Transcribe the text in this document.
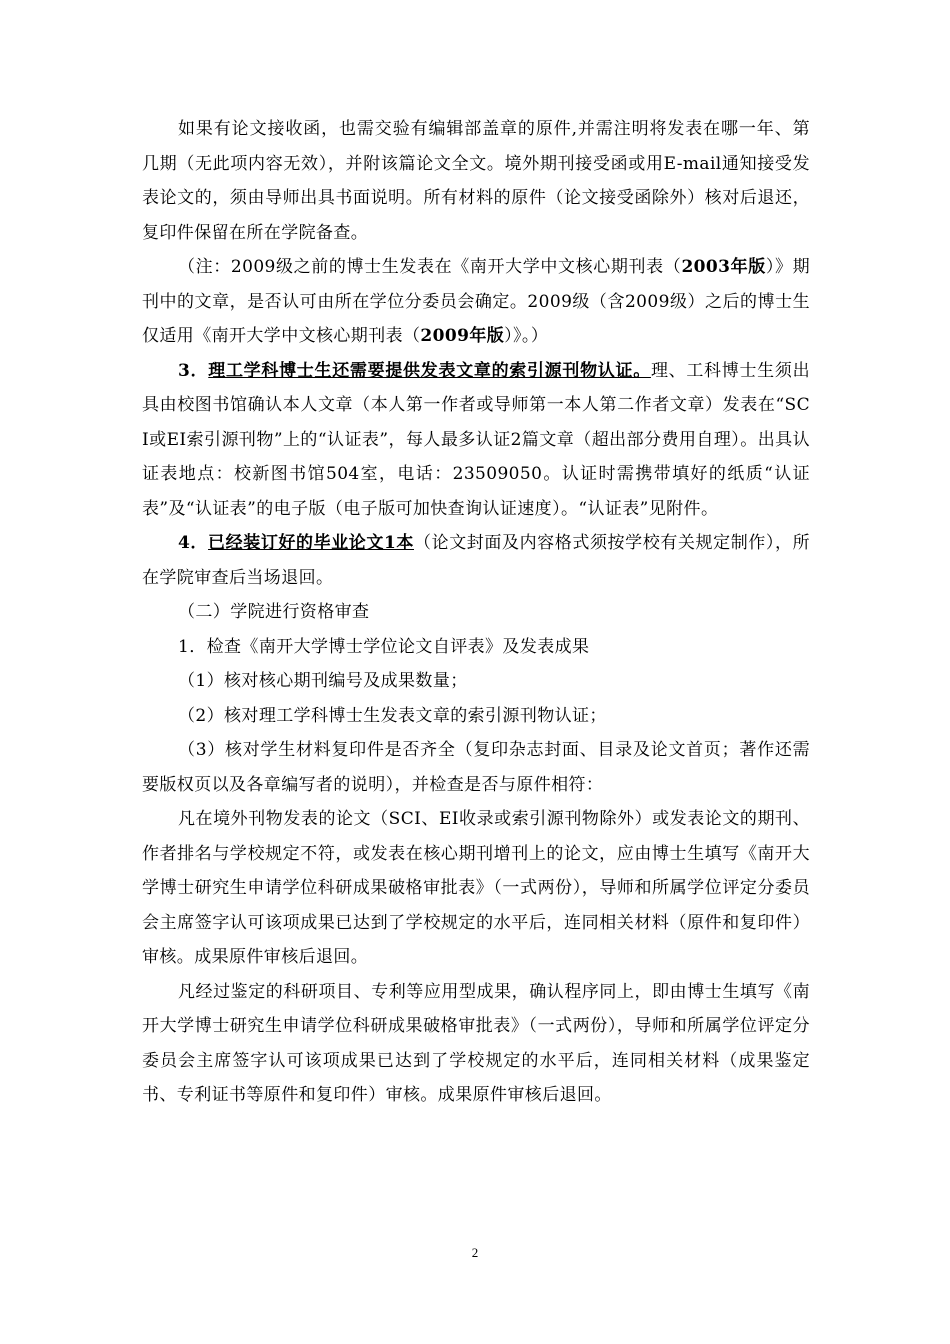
如果有论文接收函，也需交验有编辑部盖章的原件,并需注明将发表在哪一年、第几期（无此项内容无效），并附该篇论文全文。境外期刊接受函或用E-mail通知接受发表论文的，须由导师出具书面说明。所有材料的原件（论文接受函除外）核对后退还，复印件保留在所在学院备查。

（注：2009级之前的博士生发表在《南开大学中文核心期刊表（2003年版）》期刊中的文章，是否认可由所在学位分委员会确定。2009级（含2009级）之后的博士生仅适用《南开大学中文核心期刊表（2009年版）》。）

3．理工学科博士生还需要提供发表文章的索引源刊物认证。理、工科博士生须出具由校图书馆确认本人文章（本人第一作者或导师第一本人第二作者文章）发表在“SCI或EI索引源刊物”上的“认证表”，每人最多认证2篇文章（超出部分费用自理）。出具认证表地点：校新图书馆504室，电话：23509050。认证时需携带填好的纸质“认证表”及“认证表”的电子版（电子版可加快查询认证速度）。“认证表”见附件。

4．已经装订好的毕业论文1本（论文封面及内容格式须按学校有关规定制作），所在学院审查后当场退回。

（二）学院进行资格审查

1．检查《南开大学博士学位论文自评表》及发表成果

（1）核对核心期刊编号及成果数量；

（2）核对理工学科博士生发表文章的索引源刊物认证；

（3）核对学生材料复印件是否齐全（复印杂志封面、目录及论文首页；著作还需要版权页以及各章编写者的说明），并检查是否与原件相符：

凡在境外刊物发表的论文（SCI、EI收录或索引源刊物除外）或发表论文的期刊、作者排名与学校规定不符，或发表在核心期刊增刊上的论文，应由博士生填写《南开大学博士研究生申请学位科研成果破格审批表》（一式两份），导师和所属学位评定分委员会主席签字认可该项成果已达到了学校规定的水平后，连同相关材料（原件和复印件）审核。成果原件审核后退回。

凡经过鉴定的科研项目、专利等应用型成果，确认程序同上，即由博士生填写《南开大学博士研究生申请学位科研成果破格审批表》（一式两份），导师和所属学位评定分委员会主席签字认可该项成果已达到了学校规定的水平后，连同相关材料（成果鉴定书、专利证书等原件和复印件）审核。成果原件审核后退回。

2
